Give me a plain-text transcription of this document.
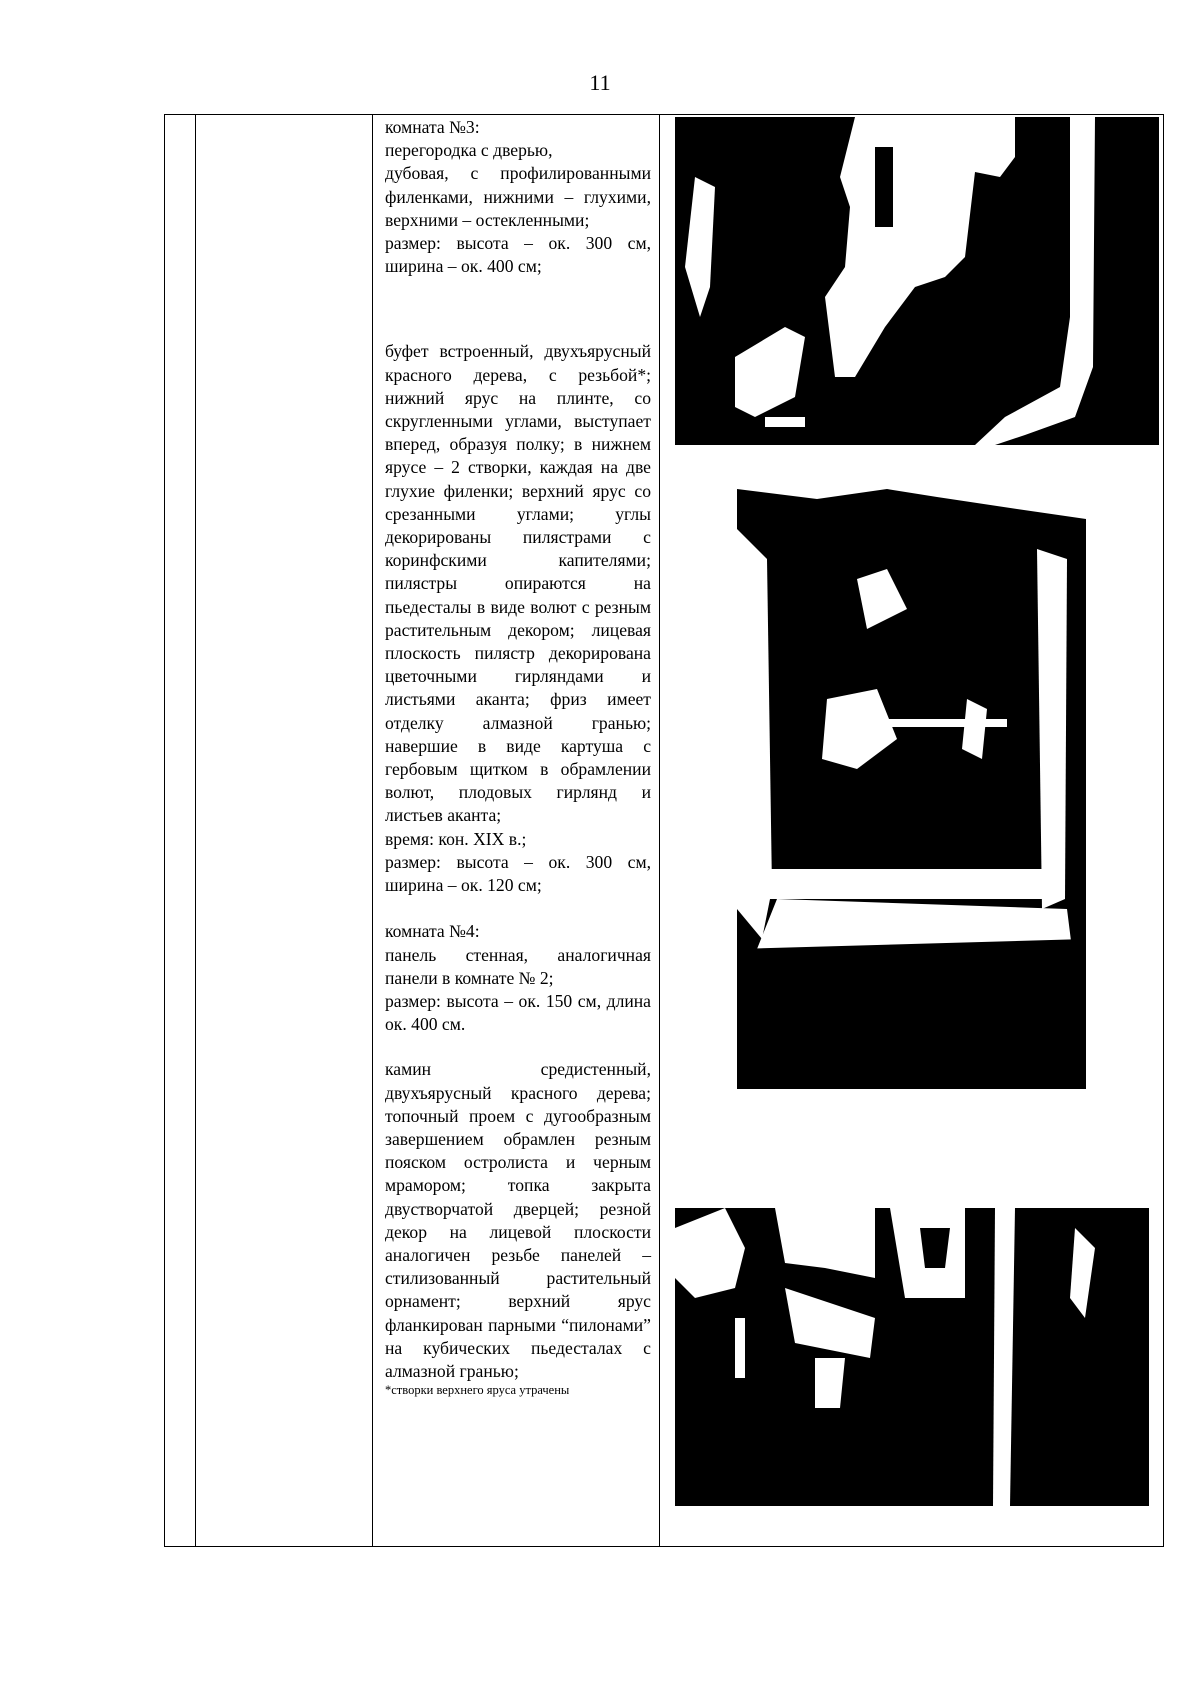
11

комната №3:

перегородка с дверью,

дубовая, с профилированными филенками, нижними – глухими, верхними – остекленными;

размер: высота – ок. 300 см, ширина – ок. 400 см;

буфет встроенный, двухъярусный красного дерева, с резьбой*; нижний ярус на плинте, со скругленными углами, выступает вперед, образуя полку; в нижнем ярусе – 2 створки, каждая на две глухие филенки; верхний ярус со срезанными углами; углы декорированы пилястрами с коринфскими капителями; пилястры опираются на пьедесталы в виде волют с резным растительным декором; лицевая плоскость пилястр декорирована цветочными гирляндами и листьями аканта; фриз имеет отделку алмазной гранью; навершие в виде картуша с гербовым щитком в обрамлении волют, плодовых гирлянд и листьев аканта;

время: кон. XIX в.;

размер: высота – ок. 300 см, ширина – ок. 120 см;

комната №4:

панель стенная, аналогичная панели в комнате № 2;

размер: высота – ок. 150 см, длина ок. 400 см.

камин средистенный, двухъярусный красного дерева; топочный проем с дугообразным завершением обрамлен резным пояском остролиста и черным мрамором; топка закрыта двустворчатой дверцей; резной декор на лицевой плоскости аналогичен резьбе панелей – стилизованный растительный орнамент; верхний ярус фланкирован парными “пилонами” на кубических пьедесталах с алмазной гранью;

*створки верхнего яруса утрачены
